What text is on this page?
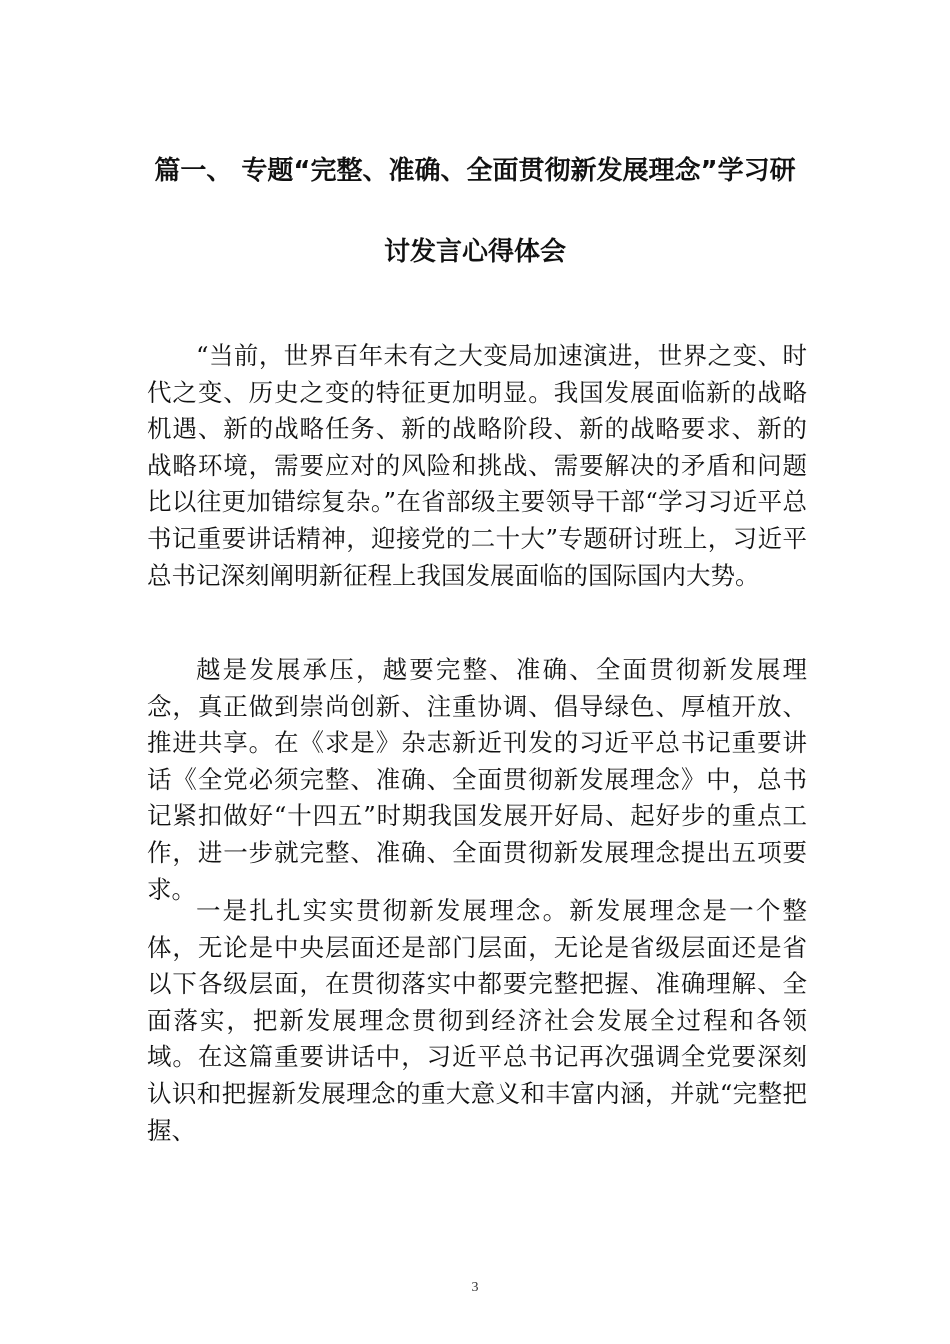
篇一、 专题“完整、准确、全面贯彻新发展理念”学习研
讨发言心得体会

“当前，世界百年未有之大变局加速演进，世界之变、时代之变、历史之变的特征更加明显。我国发展面临新的战略机遇、新的战略任务、新的战略阶段、新的战略要求、新的战略环境，需要应对的风险和挑战、需要解决的矛盾和问题比以往更加错综复杂。”在省部级主要领导干部“学习习近平总书记重要讲话精神，迎接党的二十大”专题研讨班上，习近平总书记深刻阐明新征程上我国发展面临的国际国内大势。

越是发展承压，越要完整、准确、全面贯彻新发展理念，真正做到崇尚创新、注重协调、倡导绿色、厚植开放、推进共享。在《求是》杂志新近刊发的习近平总书记重要讲话《全党必须完整、准确、全面贯彻新发展理念》中，总书记紧扣做好“十四五”时期我国发展开好局、起好步的重点工作，进一步就完整、准确、全面贯彻新发展理念提出五项要求。

一是扎扎实实贯彻新发展理念。新发展理念是一个整体，无论是中央层面还是部门层面，无论是省级层面还是省以下各级层面，在贯彻落实中都要完整把握、准确理解、全面落实，把新发展理念贯彻到经济社会发展全过程和各领域。在这篇重要讲话中，习近平总书记再次强调全党要深刻认识和把握新发展理念的重大意义和丰富内涵，并就“完整把握、

3
